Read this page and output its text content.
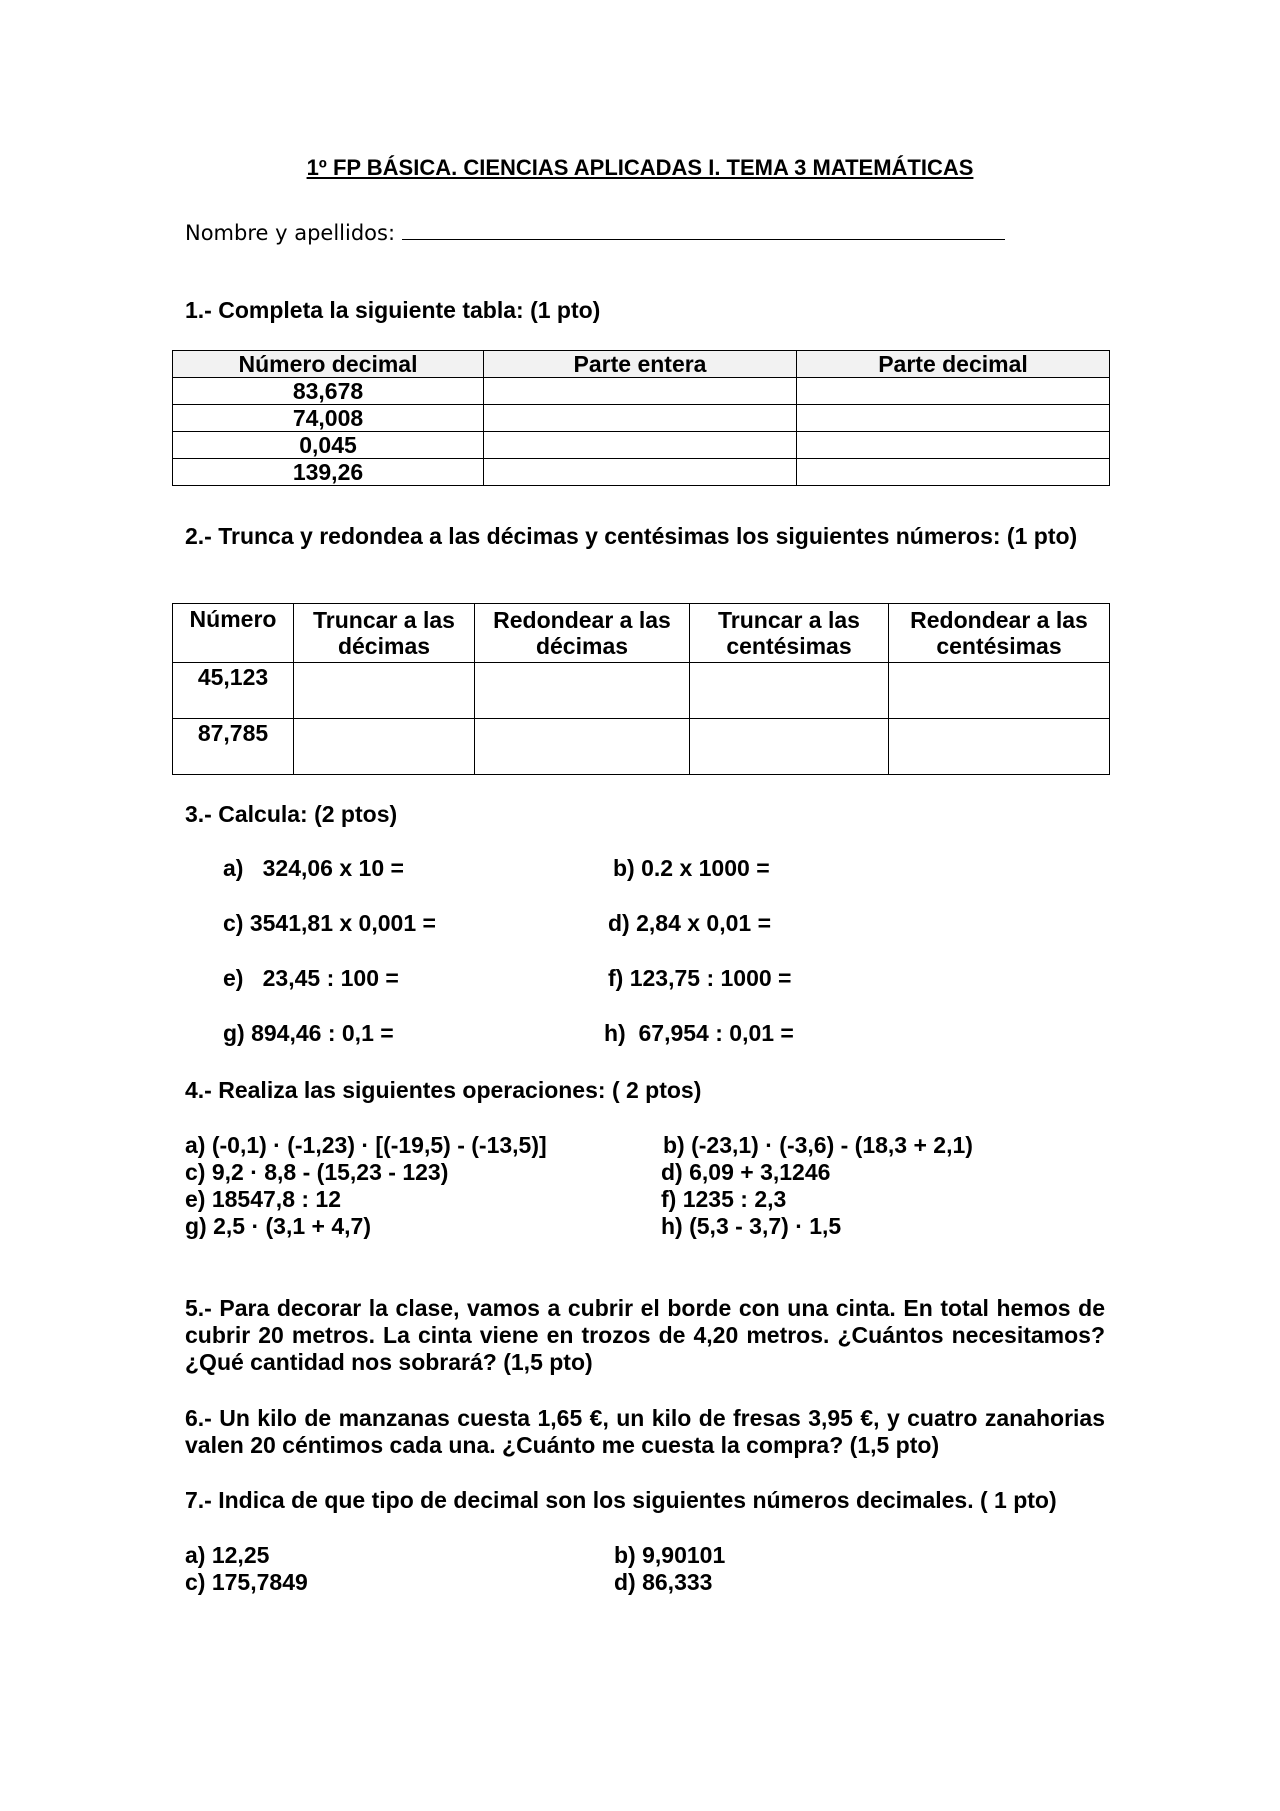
1º FP BÁSICA. CIENCIAS APLICADAS I. TEMA 3 MATEMÁTICAS
Nombre y apellidos:
1.- Completa la siguiente tabla: (1 pto)
Número decimal	Parte entera	Parte decimal
83,678		
74,008		
0,045		
139,26		
2.- Trunca y redondea a las décimas y centésimas los siguientes números: (1 pto)
Número	Truncar a las décimas	Redondear a las décimas	Truncar a las centésimas	Redondear a las centésimas
45,123				
87,785				
3.- Calcula: (2 ptos)
a)   324,06 x 10 =	b) 0.2 x 1000 =
c) 3541,81 x 0,001 =	d) 2,84 x 0,01 =
e)   23,45 : 100 =	f) 123,75 : 1000 =
g) 894,46 : 0,1 =	h)  67,954 : 0,01 =
4.- Realiza las siguientes operaciones: ( 2 ptos)
a) (-0,1) · (-1,23) · [(-19,5) - (-13,5)]	b) (-23,1) · (-3,6) - (18,3 + 2,1)
c) 9,2 · 8,8 - (15,23 - 123)	d) 6,09 + 3,1246
e) 18547,8 : 12	f) 1235 : 2,3
g) 2,5 · (3,1 + 4,7)	h) (5,3 - 3,7) · 1,5
5.- Para decorar la clase, vamos a cubrir el borde con una cinta. En total hemos de cubrir 20 metros. La cinta viene en trozos de 4,20 metros. ¿Cuántos necesitamos? ¿Qué cantidad nos sobrará? (1,5 pto)
6.- Un kilo de manzanas cuesta 1,65 €, un kilo de fresas 3,95 €, y cuatro zanahorias valen 20 céntimos cada una. ¿Cuánto me cuesta la compra? (1,5 pto)
7.- Indica de que tipo de decimal son los siguientes números decimales. ( 1 pto)
a) 12,25	b) 9,90101
c) 175,7849	d) 86,333
